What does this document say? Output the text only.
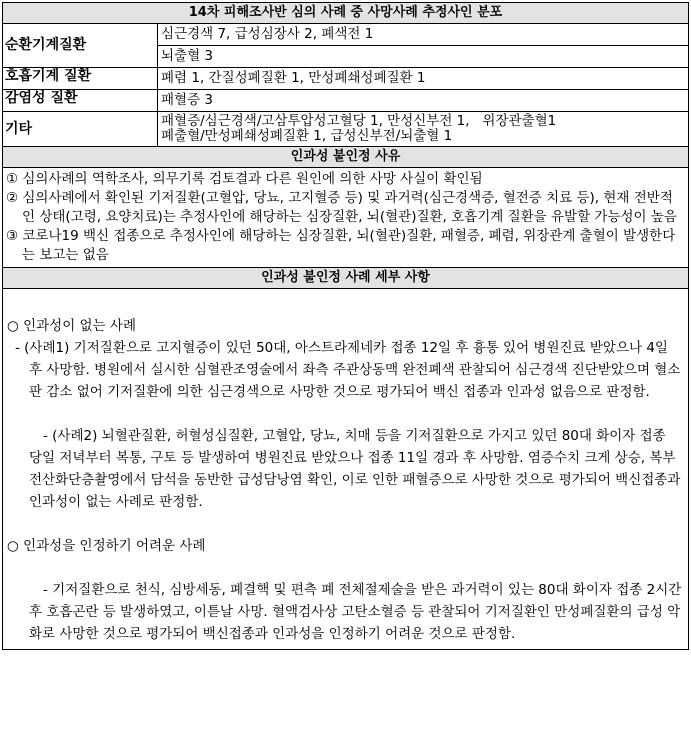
14차 피해조사반 심의 사례 중 사망사례 추정사인 분포	
순환기계질환	심근경색 7, 급성심장사 2, 폐색전 1
	뇌출혈 3
호흡기계 질환	폐렴 1, 간질성폐질환 1, 만성폐쇄성폐질환 1
감염성 질환	패혈증 3
기타	패혈증/심근경색/고삼투압성고혈당 1, 만성신부전 1,   위장관출혈1
폐출혈/만성폐쇄성폐질환 1, 급성신부전/뇌출혈 1

인과성 불인정 사유	

① 심의사례의 역학조사, 의무기록 검토결과 다른 원인에 의한 사망 사실이 확인됨

② 심의사례에서 확인된 기저질환(고혈압, 당뇨, 고지혈증 등) 및 과거력(심근경색증, 혈전증 치료 등), 현재 전반적인 상태(고령, 요양치료)는 추정사인에 해당하는 심장질환, 뇌(혈관)질환, 호흡기계 질환을 유발할 가능성이 높음

③ 코로나19 백신 접종으로 추정사인에 해당하는 심장질환, 뇌(혈관)질환, 패혈증, 폐렴, 위장관계 출혈이 발생한다는 보고는 없음	

인과성 불인정 사례 세부 사항	

○ 인과성이 없는 사례

- (사례1) 기저질환으로 고지혈증이 있던 50대, 아스트라제네카 접종 12일 후 흉통 있어 병원진료 받았으나 4일 후 사망함. 병원에서 실시한 심혈관조영술에서 좌측 주관상동맥 완전폐색 관찰되어 심근경색 진단받았으며 혈소판 감소 없어 기저질환에 의한 심근경색으로 사망한 것으로 평가되어 백신 접종과 인과성 없음으로 판정함.

- (사례2) 뇌혈관질환, 허혈성심질환, 고혈압, 당뇨, 치매 등을 기저질환으로 가지고 있던 80대 화이자 접종 당일 저녁부터 복통, 구토 등 발생하여 병원진료 받았으나 접종 11일 경과 후 사망함. 염증수치 크게 상승, 복부전산화단층촬영에서 담석을 동반한 급성담낭염 확인, 이로 인한 패혈증으로 사망한 것으로 평가되어 백신접종과 인과성이 없는 사례로 판정함.

○ 인과성을 인정하기 어려운 사례

- 기저질환으로 천식, 심방세동, 폐결핵 및 편측 폐 전체절제술을 받은 과거력이 있는 80대 화이자 접종 2시간 후 호흡곤란 등 발생하였고, 이튿날 사망. 혈액검사상 고탄소혈증 등 관찰되어 기저질환인 만성폐질환의 급성 악화로 사망한 것으로 평가되어 백신접종과 인과성을 인정하기 어려운 것으로 판정함.	
